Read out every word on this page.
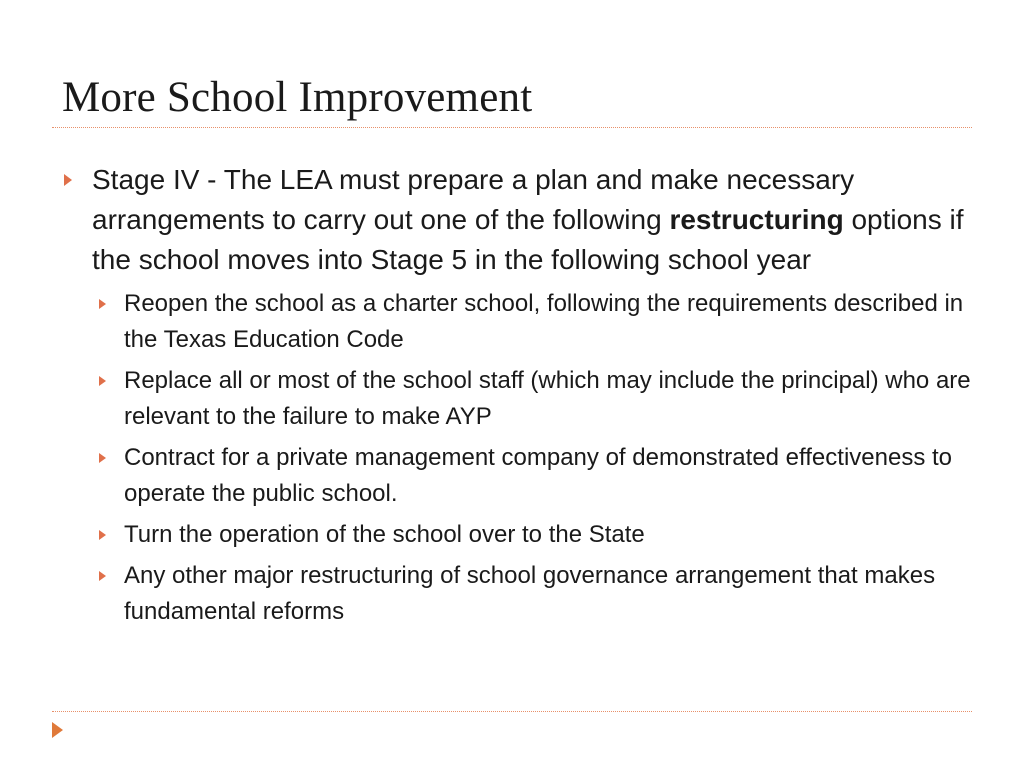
More School Improvement
Stage IV - The LEA must prepare a plan and make necessary arrangements to carry out one of the following restructuring options if the school moves into Stage 5 in the following school year
Reopen the school as a charter school, following the requirements described in the Texas Education Code
Replace all or most of the school staff (which may include the principal) who are relevant to the failure to make AYP
Contract for a private management company of demonstrated effectiveness to operate the public school.
Turn the operation of the school over to the State
Any other major restructuring of school governance arrangement that makes fundamental reforms
